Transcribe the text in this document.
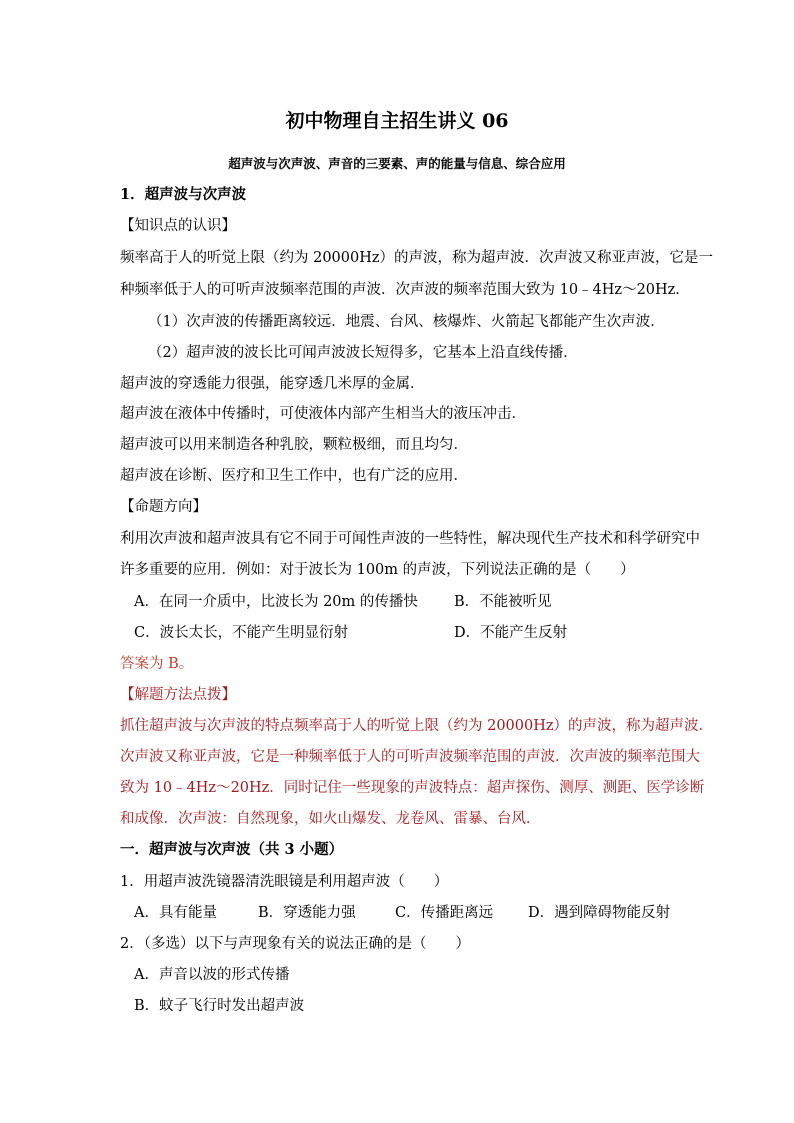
初中物理自主招生讲义 06
超声波与次声波、声音的三要素、声的能量与信息、综合应用
1．超声波与次声波
【知识点的认识】
频率高于人的听觉上限（约为 20000Hz）的声波，称为超声波．次声波又称亚声波，它是一
种频率低于人的可听声波频率范围的声波．次声波的频率范围大致为 10﹣4Hz～20Hz．
（1）次声波的传播距离较远．地震、台风、核爆炸、火箭起飞都能产生次声波．
（2）超声波的波长比可闻声波波长短得多，它基本上沿直线传播．
超声波的穿透能力很强，能穿透几米厚的金属．
超声波在液体中传播时，可使液体内部产生相当大的液压冲击．
超声波可以用来制造各种乳胶，颗粒极细，而且均匀．
超声波在诊断、医疗和卫生工作中，也有广泛的应用．
【命题方向】
利用次声波和超声波具有它不同于可闻性声波的一些特性，解决现代生产技术和科学研究中
许多重要的应用．例如：对于波长为 100m 的声波，下列说法正确的是（　　）
A．在同一介质中，比波长为 20m 的传播快 B．不能被听见
C．波长太长，不能产生明显衍射	D．不能产生反射
答案为 B。
【解题方法点拨】
抓住超声波与次声波的特点频率高于人的听觉上限（约为 20000Hz）的声波，称为超声波．
次声波又称亚声波，它是一种频率低于人的可听声波频率范围的声波．次声波的频率范围大
致为 10﹣4Hz～20Hz．同时记住一些现象的声波特点：超声探伤、测厚、测距、医学诊断
和成像．次声波：自然现象，如火山爆发、龙卷风、雷暴、台风．
一．超声波与次声波（共 3 小题）
1．用超声波洗镜器清洗眼镜是利用超声波（　　）
A．具有能量	B．穿透能力强	C．传播距离远 D．遇到障碍物能反射
2．（多选）以下与声现象有关的说法正确的是（　　）
A．声音以波的形式传播
B．蚊子飞行时发出超声波
